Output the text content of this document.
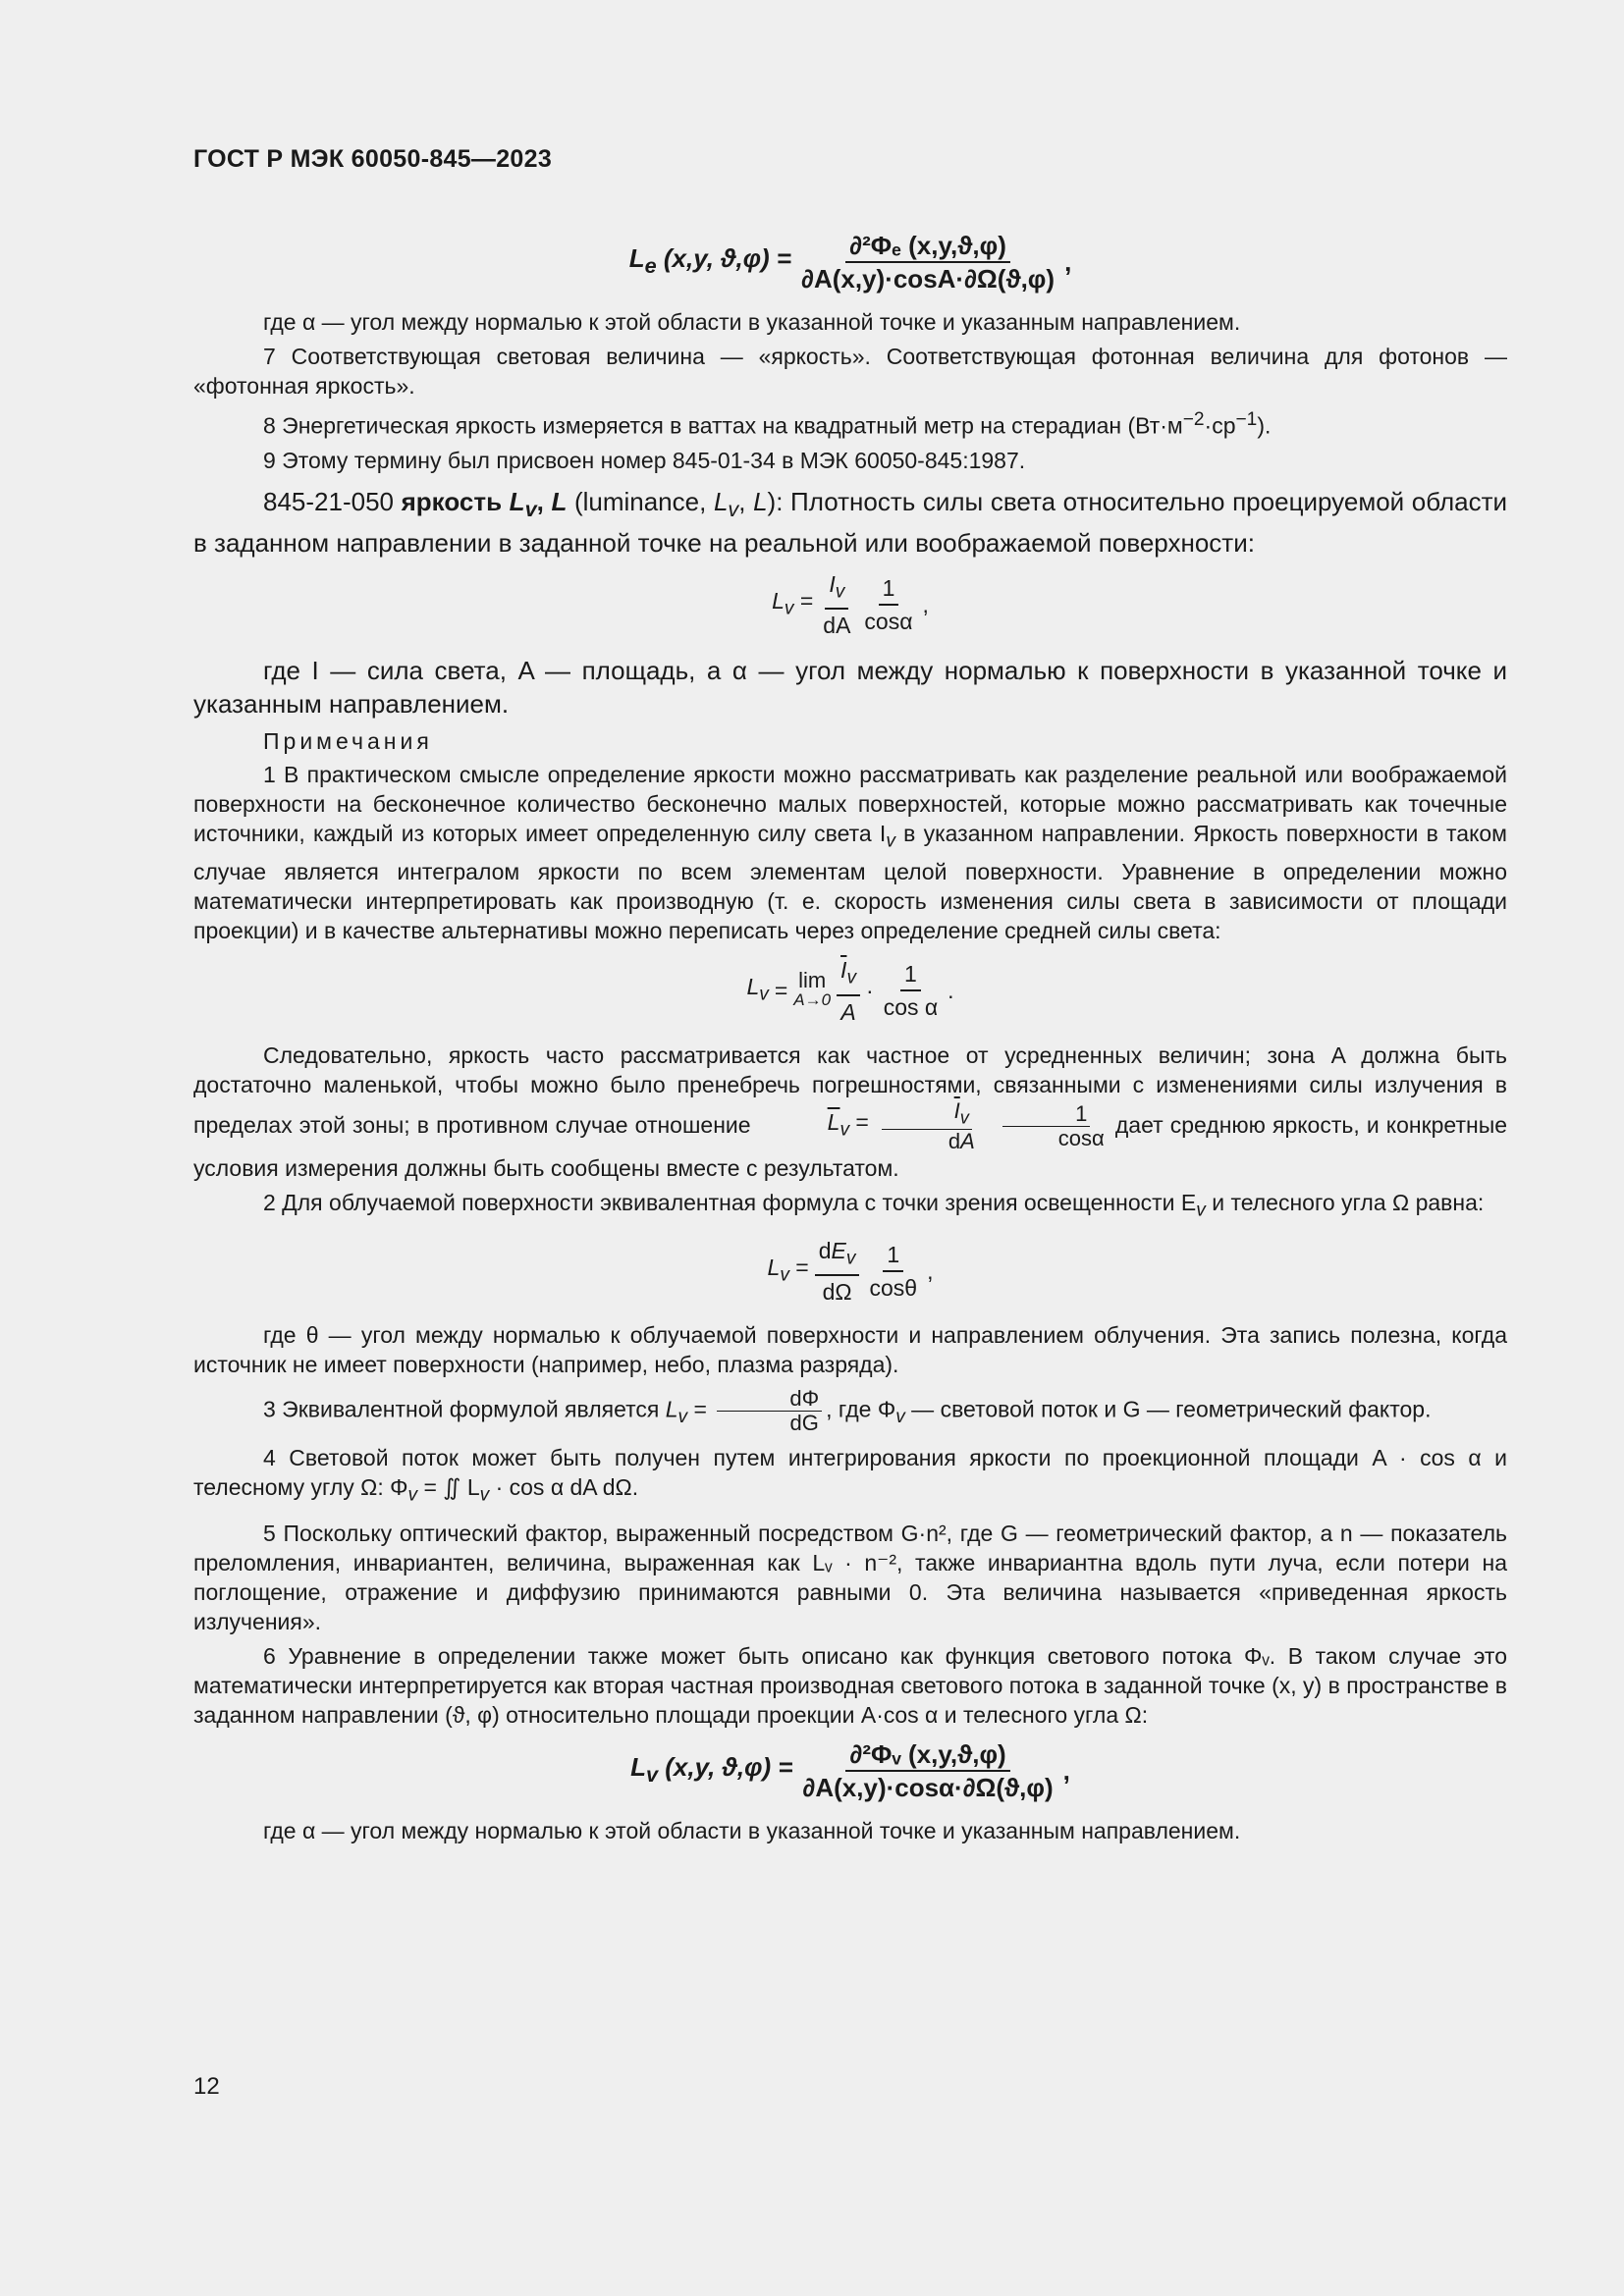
ГОСТ Р МЭК 60050-845—2023
$L_e$ (x,y, $ϑ,\varphi) = \frac{\text{∂²Φₑ (x,y,ϑ,φ)}}{\partial A(x,y)\cdot\cos A\cdot\partial\Omega(ϑ,\varphi)}$ ,

где α — угол между нормалью к этой области в указанной точке и указанным направлением.

7 Соответствующая световая величина — «яркость». Соответствующая фотонная величина для фотонов — «фотонная яркость».

8 Энергетическая яркость измеряется в ваттах на квадратный метр на стерадиан $(Вт\cdot м^{-2}\cdot ср^{-1})$.

9 Этому термину был присвоен номер 845-01-34 в МЭК 60050-845:1987.

845-21-050 яркость $L_v$, L (luminance, $L_v$, L): Плотность силы света относительно проецируемой области в заданном направлении в заданной точке на реальной или воображаемой поверхности:

$L_v = \frac{I_v}{dA} \frac{1}{\cos\alpha}$ ,

где I — сила света, A — площадь, а α — угол между нормалью к поверхности в указанной точке и указанным направлением.

Примечания

1 В практическом смысле определение яркости можно рассматривать как разделение реальной или воображаемой поверхности на бесконечное количество бесконечно малых поверхностей, которые можно рассматривать как точечные источники, каждый из которых имеет определенную силу света $I_v$ в указанном направлении. Яркость поверхности в таком случае является интегралом яркости по всем элементам целой поверхности. Уравнение в определении можно математически интерпретировать как производную (т. е. скорость изменения силы света в зависимости от площади проекции) и в качестве альтернативы можно переписать через определение средней силы света:

$L_v = \lim$
$A\to 0 \frac{\overline{I}_v}{A} \cdot \frac{1}{\text{cos α}}$ .

Следовательно, яркость часто рассматривается как частное от усредненных величин; зона A должна быть достаточно маленькой, чтобы можно было пренебречь погрешностями, связанными с изменениями силы излучения в пределах этой зоны; в противном случае отношение	$\overline{L}_v = \frac{\overline{I}_v}{dA} \frac{1}{\cos\alpha}$ дает среднюю яркость, и конкретные условия измерения должны быть сообщены вместе с результатом.

2 Для облучаемой поверхности эквивалентная формула с точки зрения освещенности $E_v$ и телесного угла Ω равна:

$L_v = \frac{dE_v}{d\Omega} \frac{1}{\cos\theta}$ ,

где θ — угол между нормалью к облучаемой поверхности и направлением облучения. Эта запись полезна, когда источник не имеет поверхности (например, небо, плазма разряда).

3 Эквивалентной формулой является $L_v = \frac{d\Phi}{dG}$ , где $\Phi_v$ — световой поток и G — геометрический фактор.

4 Световой поток может быть получен путем интегрирования яркости по проекционной площади A · cos α и телесному углу Ω: $\Phi_v$ = ∬ $L_v \cdot \cos \alpha$ dA dΩ.

5 Поскольку оптический фактор, выраженный посредством G·n², где G — геометрический фактор, а n — показатель преломления, инвариантен, величина, выраженная как Lᵥ · n⁻², также инвариантна вдоль пути луча, если потери на поглощение, отражение и диффузию принимаются равными 0. Эта величина называется «приведенная яркость излучения».

6 Уравнение в определении также может быть описано как функция светового потока Φᵥ. В таком случае это математически интерпретируется как вторая частная производная светового потока в заданной точке (x, y) в пространстве в заданном направлении (ϑ, φ) относительно площади проекции A·cos α и телесного угла Ω:

$L_v$ (x,y, $ϑ,\varphi) = \frac{\text{∂²Φᵥ (x,y,ϑ,φ)}}{\partial A(x,y)\cdot\cos\alpha\cdot\partial\Omega(ϑ,\varphi)}$ ,

где α — угол между нормалью к этой области в указанной точке и указанным направлением.

12
